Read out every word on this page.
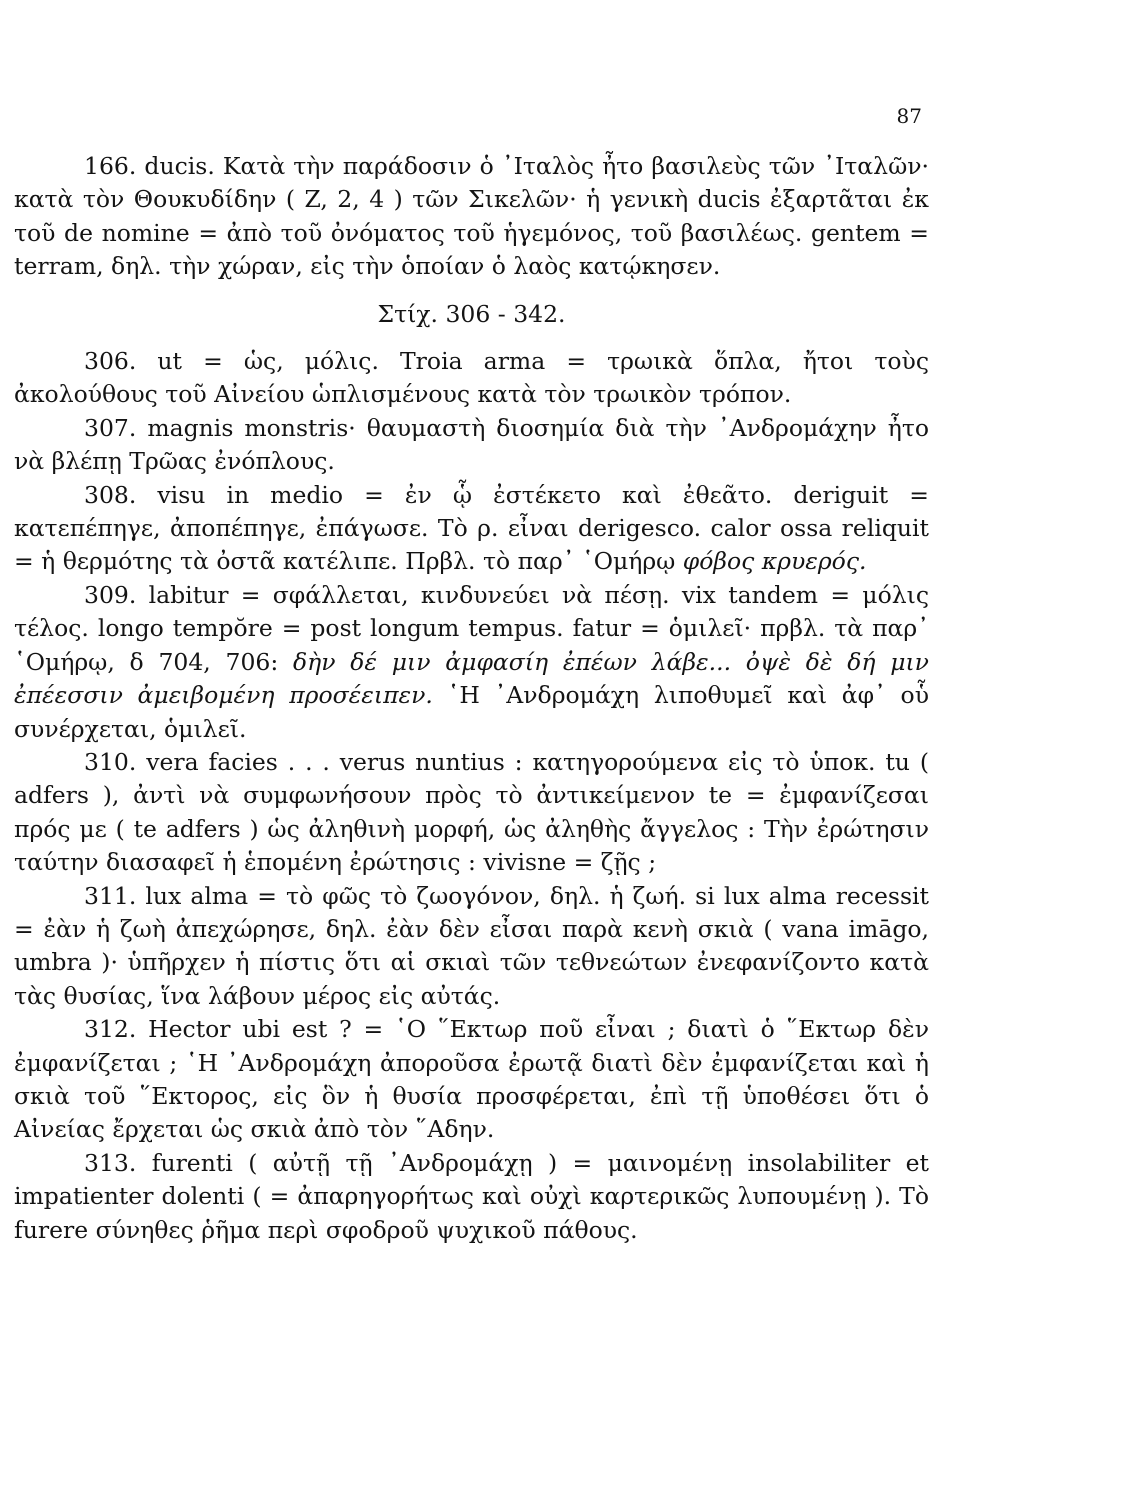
87

166. ducis. Κατὰ τὴν παράδοσιν ὁ ᾿Ιταλὸς ἦτο βασιλεὺς τῶν ᾿Ιταλῶν· κατὰ τὸν Θουκυδίδην ( Z, 2, 4 ) τῶν Σικελῶν· ἡ γενικὴ ducis ἐξαρτᾶται ἐκ τοῦ de nomine = ἀπὸ τοῦ ὀνόματος τοῦ ἡγεμόνος, τοῦ βασιλέως. gentem = terram, δηλ. τὴν χώραν, εἰς τὴν ὁποίαν ὁ λαὸς κατῴκησεν.

Στίχ. 306 - 342.

306. ut = ὡς, μόλις. Troia arma = τρωικὰ ὅπλα, ἤτοι τοὺς ἀκολούθους τοῦ Αἰνείου ὡπλισμένους κατὰ τὸν τρωικὸν τρόπον.

307. magnis monstris· θαυμαστὴ διοσημία διὰ τὴν ᾿Ανδρομάχην ἦτο νὰ βλέπῃ Τρῶας ἐνόπλους.

308. visu in medio = ἐν ᾧ ἐστέκετο καὶ ἐθεᾶτο. deriguit = κατεπέπηγε, ἀποπέπηγε, ἐπάγωσε. Τὸ ρ. εἶναι derigesco. calor ossa reliquit = ἡ θερμότης τὰ ὀστᾶ κατέλιπε. Πρβλ. τὸ παρ᾿ ῾Ομήρῳ φόβος κρυερός.

309. labitur = σφάλλεται, κινδυνεύει νὰ πέσῃ. vix tandem = μόλις τέλος. longo tempŏre = post longum tempus. fatur = ὁμιλεῖ· πρβλ. τὰ παρ᾿ ῾Ομήρῳ, δ 704, 706: δὴν δέ μιν ἀμφασίη ἐπέων λάβε... ὀψὲ δὲ δή μιν ἐπέεσσιν ἀμειβομένη προσέειπεν. ῾Η ᾿Ανδρομάχη λιποθυμεῖ καὶ ἀφ᾿ οὗ συνέρχεται, ὁμιλεῖ.

310. vera facies . . . verus nuntius : κατηγορούμενα εἰς τὸ ὑποκ. tu ( adfers ), ἀντὶ νὰ συμφωνήσουν πρὸς τὸ ἀντικείμενον te = ἐμφανίζεσαι πρός με ( te adfers ) ὡς ἀληθινὴ μορφή, ὡς ἀληθὴς ἄγγελος : Τὴν ἐρώτησιν ταύτην διασαφεῖ ἡ ἑπομένη ἐρώτησις : vivisne = ζῇς ;

311. lux alma = τὸ φῶς τὸ ζωογόνον, δηλ. ἡ ζωή. si lux alma recessit = ἐὰν ἡ ζωὴ ἀπεχώρησε, δηλ. ἐὰν δὲν εἶσαι παρὰ κενὴ σκιὰ ( vana imāgo, umbra )· ὑπῆρχεν ἡ πίστις ὅτι αἱ σκιαὶ τῶν τεθνεώτων ἐνεφανίζοντο κατὰ τὰς θυσίας, ἵνα λάβουν μέρος εἰς αὐτάς.

312. Hector ubi est ? = ῾Ο ῞Εκτωρ ποῦ εἶναι ; διατὶ ὁ ῞Εκτωρ δὲν ἐμφανίζεται ; ῾Η ᾿Ανδρομάχη ἀποροῦσα ἐρωτᾷ διατὶ δὲν ἐμφανίζεται καὶ ἡ σκιὰ τοῦ ῞Εκτορος, εἰς ὃν ἡ θυσία προσφέρεται, ἐπὶ τῇ ὑποθέσει ὅτι ὁ Αἰνείας ἔρχεται ὡς σκιὰ ἀπὸ τὸν ῞Αδην.

313. furenti ( αὐτῇ τῇ ᾿Ανδρομάχῃ ) = μαινομένῃ insolabiliter et impatienter dolenti ( = ἀπαρηγορήτως καὶ οὐχὶ καρτερικῶς λυπουμένῃ ). Τὸ furere σύνηθες ῥῆμα περὶ σφοδροῦ ψυχικοῦ πάθους.
